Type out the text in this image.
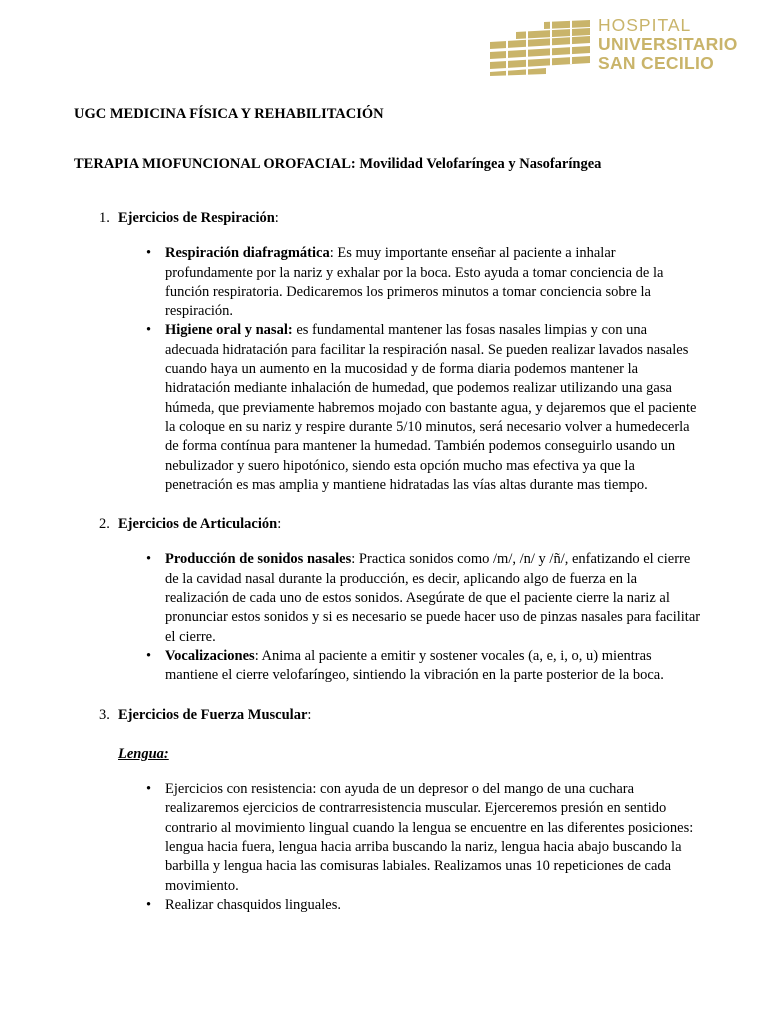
HOSPITAL
UNIVERSITARIO
SAN CECILIO

UGC MEDICINA FÍSICA Y REHABILITACIÓN

TERAPIA MIOFUNCIONAL OROFACIAL: Movilidad Velofaríngea y Nasofaríngea

1. Ejercicios de Respiración:
• Respiración diafragmática: Es muy importante enseñar al paciente a inhalar profundamente por la nariz y exhalar por la boca. Esto ayuda a tomar conciencia de la función respiratoria. Dedicaremos los primeros minutos a tomar conciencia sobre la respiración.
• Higiene oral y nasal: es fundamental mantener las fosas nasales limpias y con una adecuada hidratación para facilitar la respiración nasal. Se pueden realizar lavados nasales cuando haya un aumento en la mucosidad y de forma diaria podemos mantener la hidratación mediante inhalación de humedad, que podemos realizar utilizando una gasa húmeda, que previamente habremos mojado con bastante agua, y dejaremos que el paciente la coloque en su nariz y respire durante 5/10 minutos, será necesario volver a humedecerla de forma contínua para mantener la humedad. También podemos conseguirlo usando un nebulizador y suero hipotónico, siendo esta opción mucho mas efectiva ya que la penetración es mas amplia y mantiene hidratadas las vías altas durante mas tiempo.
2. Ejercicios de Articulación:
• Producción de sonidos nasales: Practica sonidos como /m/, /n/ y /ñ/, enfatizando el cierre de la cavidad nasal durante la producción, es decir, aplicando algo de fuerza en la realización de cada uno de estos sonidos. Asegúrate de que el paciente cierre la nariz al pronunciar estos sonidos y si es necesario se puede hacer uso de pinzas nasales para facilitar el cierre.
• Vocalizaciones: Anima al paciente a emitir y sostener vocales (a, e, i, o, u) mientras mantiene el cierre velofaríngeo, sintiendo la vibración en la parte posterior de la boca.
3. Ejercicios de Fuerza Muscular:
Lengua:
• Ejercicios con resistencia: con ayuda de un depresor o del mango de una cuchara realizaremos ejercicios de contrarresistencia muscular. Ejerceremos presión en sentido contrario al movimiento lingual cuando la lengua se encuentre en las diferentes posiciones: lengua hacia fuera, lengua hacia arriba buscando la nariz, lengua hacia abajo buscando la barbilla y lengua hacia las comisuras labiales. Realizamos unas 10 repeticiones de cada movimiento.
• Realizar chasquidos linguales.
